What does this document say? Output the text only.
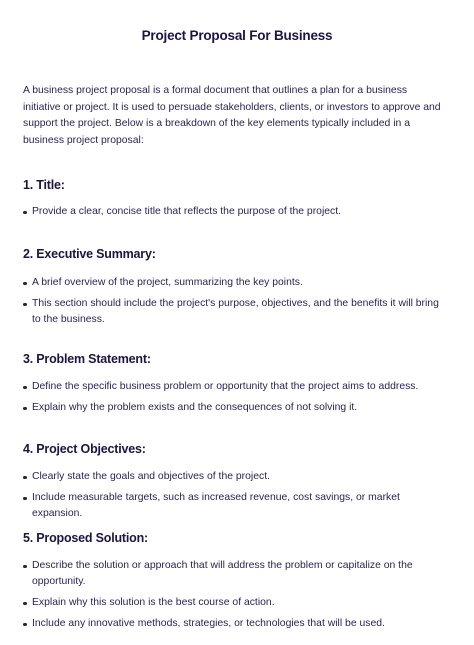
Project Proposal For Business

A business project proposal is a formal document that outlines a plan for a business initiative or project. It is used to persuade stakeholders, clients, or investors to approve and support the project. Below is a breakdown of the key elements typically included in a business project proposal:

1. Title:
Provide a clear, concise title that reflects the purpose of the project.
2. Executive Summary:
A brief overview of the project, summarizing the key points.
This section should include the project's purpose, objectives, and the benefits it will bring to the business.
3. Problem Statement:
Define the specific business problem or opportunity that the project aims to address.
Explain why the problem exists and the consequences of not solving it.
4. Project Objectives:
Clearly state the goals and objectives of the project.
Include measurable targets, such as increased revenue, cost savings, or market expansion.
5. Proposed Solution:
Describe the solution or approach that will address the problem or capitalize on the opportunity.
Explain why this solution is the best course of action.
Include any innovative methods, strategies, or technologies that will be used.
